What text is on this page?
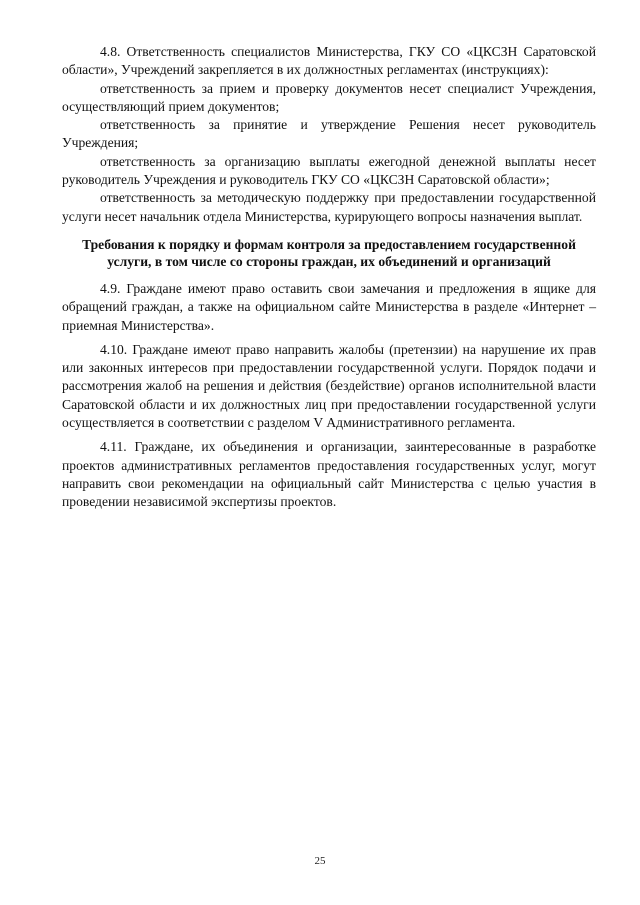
4.8. Ответственность специалистов Министерства, ГКУ СО «ЦКСЗН Саратовской области», Учреждений закрепляется в их должностных регламентах (инструкциях):

ответственность за прием и проверку документов несет специалист Учреждения, осуществляющий прием документов;

ответственность за принятие и утверждение Решения несет руководитель Учреждения;

ответственность за организацию выплаты ежегодной денежной выплаты несет руководитель Учреждения и руководитель ГКУ СО «ЦКСЗН Саратовской области»;

ответственность за методическую поддержку при предоставлении государственной услуги несет начальник отдела Министерства, курирующего вопросы назначения выплат.

Требования к порядку и формам контроля за предоставлением государственной услуги, в том числе со стороны граждан, их объединений и организаций

4.9. Граждане имеют право оставить свои замечания и предложения в ящике для обращений граждан, а также на официальном сайте Министерства в разделе «Интернет – приемная Министерства».

4.10. Граждане имеют право направить жалобы (претензии) на нарушение их прав или законных интересов при предоставлении государственной услуги. Порядок подачи и рассмотрения жалоб на решения и действия (бездействие) органов исполнительной власти Саратовской области и их должностных лиц при предоставлении государственной услуги осуществляется в соответствии с разделом V Административного регламента.

4.11. Граждане, их объединения и организации, заинтересованные в разработке проектов административных регламентов предоставления государственных услуг, могут направить свои рекомендации на официальный сайт Министерства с целью участия в проведении независимой экспертизы проектов.

25
